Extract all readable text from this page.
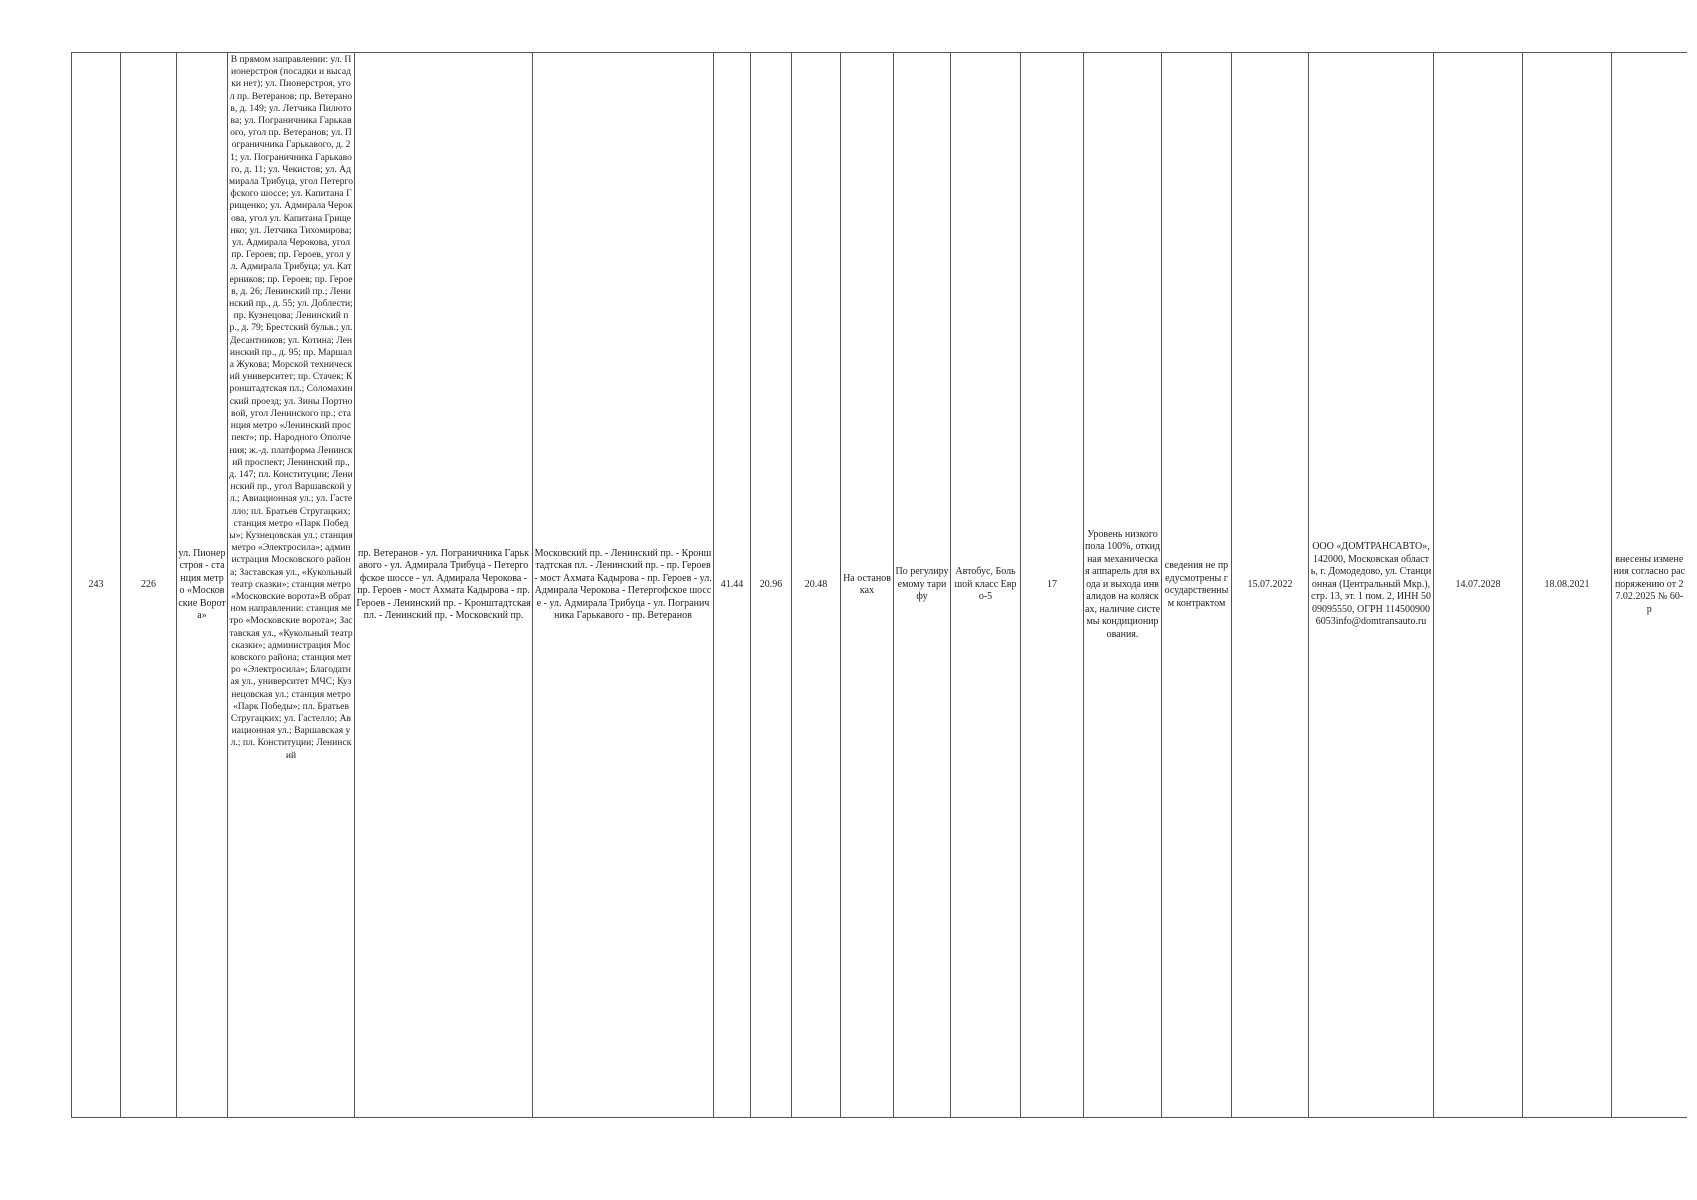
243	226	ул. Пионерстроя - станция метро «Московские Ворота»	В прямом направлении: ул. Пионерстроя (посадки и высадки нет); ул. Пионерстроя, угол пр. Ветеранов; пр. Ветеранов, д. 149; ул. Летчика Пилютова; ул. Пограничника Гарькавого, угол пр. Ветеранов; ул. Пограничника Гарькавого, д. 21; ул. Пограничника Гарькавого, д. 11; ул. Чекистов; ул. Адмирала Трибуца, угол Петергофского шоссе; ул. Капитана Грищенко; ул. Адмирала Черокова, угол ул. Капитана Грищенко; ул. Летчика Тихомирова; ул. Адмирала Черокова, угол пр. Героев; пр. Героев, угол ул. Адмирала Трибуца; ул. Катерников; пр. Героев; пр. Героев, д. 26; Ленинский пр.; Ленинский пр., д. 55; ул. Доблести; пр. Кузнецова; Ленинский пр., д. 79; Брестский бульв.; ул. Десантников; ул. Котина; Ленинский пр., д. 95; пр. Маршала Жукова; Морской технический университет; пр. Стачек; Кронштадтская пл.; Соломахинский проезд; ул. Зины Портновой, угол Ленинского пр.; станция метро «Ленинский проспект»; пр. Народного Ополчения; ж.-д. платформа Ленинский проспект; Ленинский пр., д. 147; пл. Конституции; Ленинский пр., угол Варшавской ул.; Авиационная ул.; ул. Гастелло; пл. Братьев Стругацких; станция метро «Парк Победы»; Кузнецовская ул.; станция метро «Электросила»; администрация Московского района; Заставская ул., «Кукольный театр сказки»; станция метро «Московские ворота»В обратном направлении: станция метро «Московские ворота»; Заставская ул., «Кукольный театр сказки»; администрация Московского района; станция метро «Электросила»; Благодатная ул., университет МЧС; Кузнецовская ул.; станция метро «Парк Победы»; пл. Братьев Стругацких; ул. Гастелло; Авиационная ул.; Варшавская ул.; пл. Конституции; Ленинский	пр. Ветеранов - ул. Пограничника Гарькавого - ул. Адмирала Трибуца - Петергофское шоссе - ул. Адмирала Черокова - пр. Героев - мост Ахмата Кадырова - пр. Героев - Ленинский пр. - Кронштадтская пл. - Ленинский пр. - Московский пр.	Московский пр. - Ленинский пр. - Кронштадтская пл. - Ленинский пр. - пр. Героев - мост Ахмата Кадырова - пр. Героев - ул. Адмирала Черокова - Петергофское шоссе - ул. Адмирала Трибуца - ул. Пограничника Гарькавого - пр. Ветеранов	41.44	20.96	20.48	На остановках	По регулируемому тарифу	Автобус, Большой класс Евро-5	17	Уровень низкого пола 100%, откидная механическая аппарель для входа и выхода инвалидов на колясках, наличие системы кондиционирования.	сведения не предусмотрены государственным контрактом	15.07.2022	ООО «ДОМТРАНСАВТО», 142000, Московская область, г. Домодедово, ул. Станционная (Центральный Мкр.), стр. 13, эт. 1 пом. 2, ИНН 5009095550, ОГРН 1145009006053info@domtransauto.ru	14.07.2028	18.08.2021	внесены изменения согласно распоряжению от 27.02.2025 № 60-р
